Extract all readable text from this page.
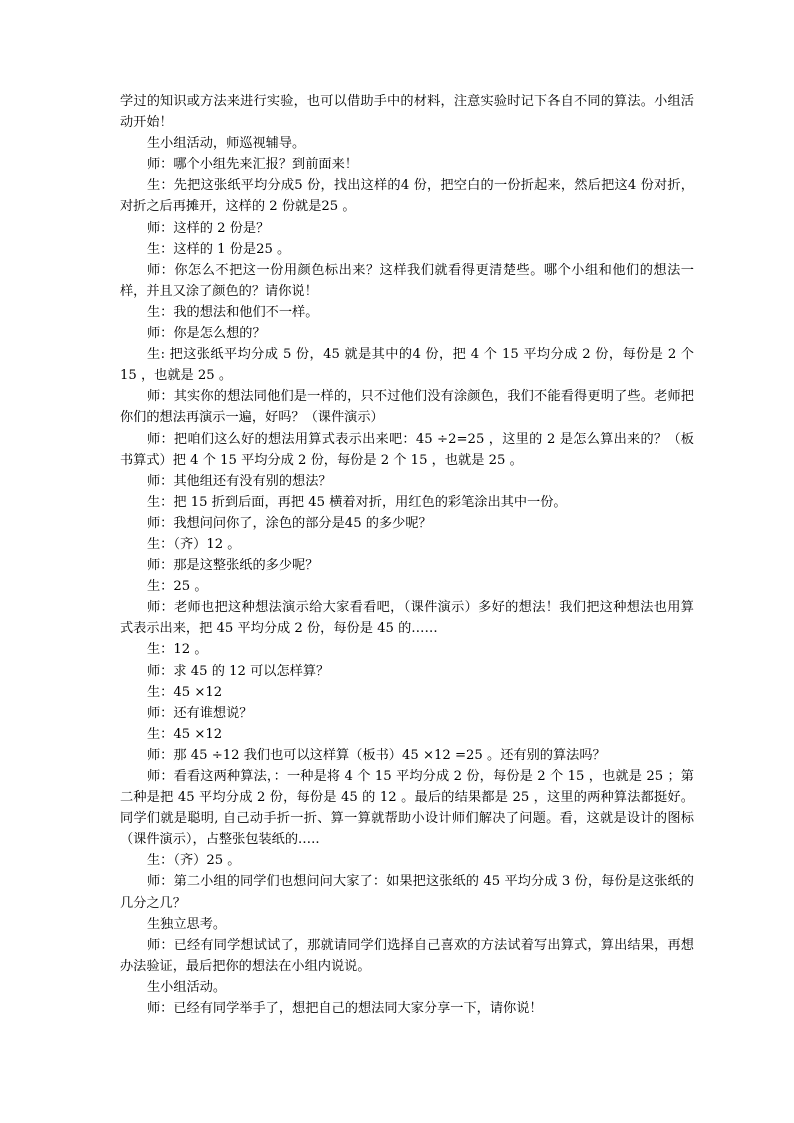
学过的知识或方法来进行实验，也可以借助手中的材料，注意实验时记下各自不同的算法。小组活动开始！

生小组活动，师巡视辅导。

师：哪个小组先来汇报？到前面来！

生：先把这张纸平均分成5 份，找出这样的4 份，把空白的一份折起来，然后把这4 份对折，对折之后再摊开，这样的 2 份就是25 。

师：这样的 2 份是？

生：这样的 1 份是25 。

师：你怎么不把这一份用颜色标出来？这样我们就看得更清楚些。哪个小组和他们的想法一样，并且又涂了颜色的？请你说！

生：我的想法和他们不一样。

师：你是怎么想的？

生: 把这张纸平均分成 5 份，45 就是其中的4 份，把 4 个 15 平均分成 2 份，每份是 2 个 15 ，也就是 25 。

师：其实你的想法同他们是一样的，只不过他们没有涂颜色，我们不能看得更明了些。老师把你们的想法再演示一遍，好吗？（课件演示）

师：把咱们这么好的想法用算式表示出来吧：45 ÷2=25 ，这里的 2 是怎么算出来的？（板书算式）把 4 个 15 平均分成 2 份，每份是 2 个 15 ，也就是 25 。

师：其他组还有没有别的想法？

生：把 15 折到后面，再把 45 横着对折，用红色的彩笔涂出其中一份。

师：我想问问你了，涂色的部分是45 的多少呢？

生：（齐）12 。

师：那是这整张纸的多少呢？

生：25 。

师：老师也把这种想法演示给大家看看吧，（课件演示）多好的想法！我们把这种想法也用算式表示出来，把 45 平均分成 2 份，每份是 45 的……

生：12 。

师：求 45 的 12 可以怎样算？

生：45 ×12

师：还有谁想说？

生：45 ×12

师：那 45 ÷12 我们也可以这样算（板书）45 ×12 =25 。还有别的算法吗？

师：看看这两种算法，：一种是将 4 个 15 平均分成 2 份，每份是 2 个 15 ，也就是 25 ；第二种是把 45 平均分成 2 份，每份是 45 的 12 。最后的结果都是 25 ，这里的两种算法都挺好。同学们就是聪明, 自己动手折一折、算一算就帮助小设计师们解决了问题。看，这就是设计的图标（课件演示），占整张包装纸的.….

生：（齐）25 。

师：第二小组的同学们也想问问大家了：如果把这张纸的 45 平均分成 3 份，每份是这张纸的几分之几？

生独立思考。

师：已经有同学想试试了，那就请同学们选择自己喜欢的方法试着写出算式，算出结果，再想办法验证，最后把你的想法在小组内说说。

生小组活动。

师：已经有同学举手了，想把自己的想法同大家分享一下，请你说！
